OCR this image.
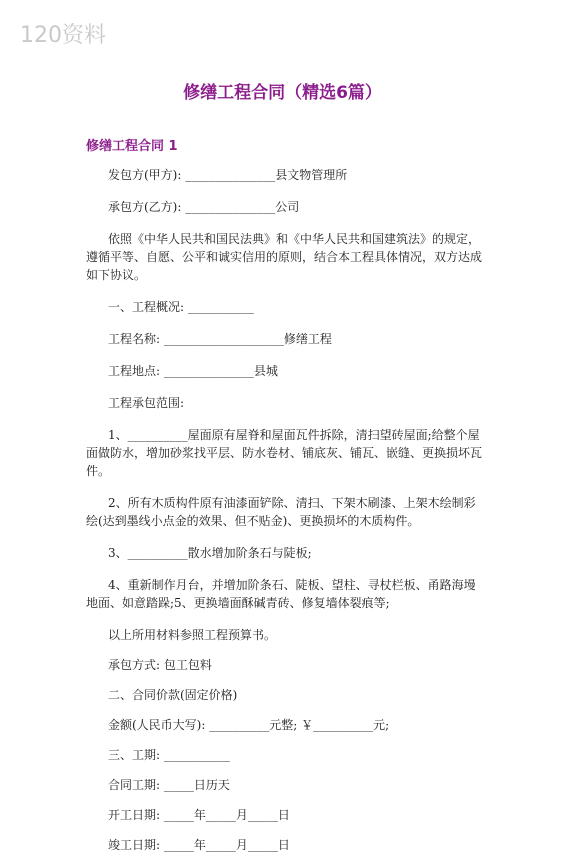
120资料
修缮工程合同（精选6篇）
修缮工程合同 1

发包方(甲方): _______________县文物管理所

承包方(乙方): _______________公司

依照《中华人民共和国民法典》和《中华人民共和国建筑法》的规定，遵循平等、自愿、公平和诚实信用的原则，结合本工程具体情况，双方达成如下协议。

一、工程概况: ___________

工程名称: ____________________修缮工程

工程地点: _______________县城

工程承包范围:

1、__________屋面原有屋脊和屋面瓦件拆除，清扫望砖屋面;给整个屋面做防水，增加砂浆找平层、防水卷材、铺底灰、铺瓦、嵌缝、更换损坏瓦件。

2、所有木质构件原有油漆面铲除、清扫、下架木刷漆、上架木绘制彩绘(达到墨线小点金的效果、但不贴金)、更换损坏的木质构件。

3、__________散水增加阶条石与陡板;

4、重新制作月台，并增加阶条石、陡板、望柱、寻杖栏板、甬路海墁地面、如意踏跺;5、更换墙面酥碱青砖、修复墙体裂痕等;

以上所用材料参照工程预算书。

承包方式: 包工包料

二、合同价款(固定价格)

金额(人民币大写): __________元整; ￥__________元;

三、工期: ___________

合同工期: _____日历天

开工日期: _____年_____月_____日

竣工日期: _____年_____月_____日
